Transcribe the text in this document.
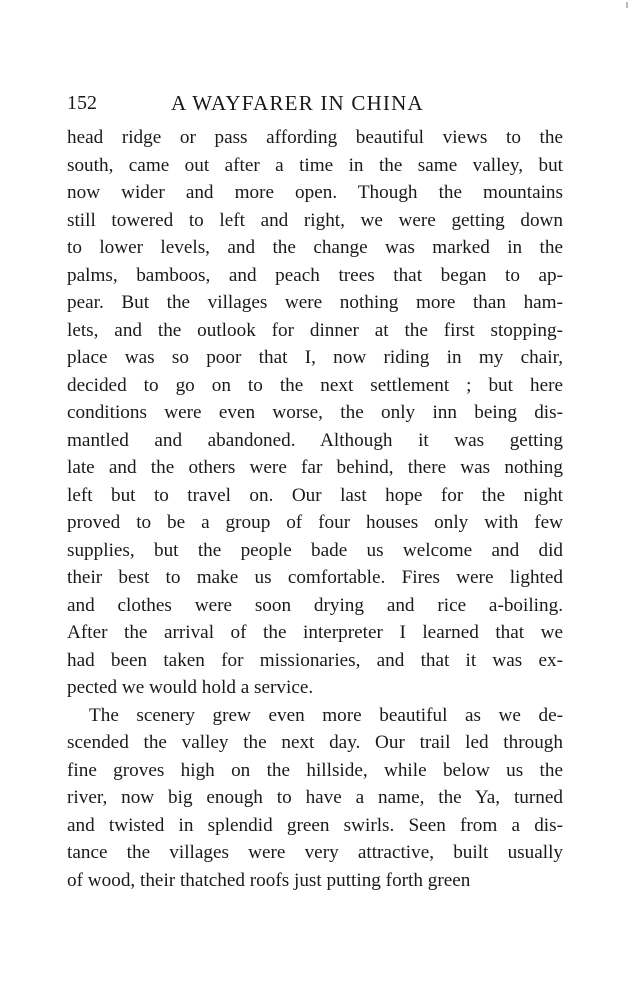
152	A WAYFARER IN CHINA

head ridge or pass affording beautiful views to the
south, came out after a time in the same valley, but
now wider and more open. Though the mountains
still towered to left and right, we were getting down
to lower levels, and the change was marked in the
palms, bamboos, and peach trees that began to ap-
pear. But the villages were nothing more than ham-
lets, and the outlook for dinner at the first stopping-
place was so poor that I, now riding in my chair,
decided to go on to the next settlement ; but here
conditions were even worse, the only inn being dis-
mantled and abandoned. Although it was getting
late and the others were far behind, there was nothing
left but to travel on. Our last hope for the night
proved to be a group of four houses only with few
supplies, but the people bade us welcome and did
their best to make us comfortable. Fires were lighted
and clothes were soon drying and rice a-boiling.
After the arrival of the interpreter I learned that we
had been taken for missionaries, and that it was ex-
pected we would hold a service.

The scenery grew even more beautiful as we de-
scended the valley the next day. Our trail led through
fine groves high on the hillside, while below us the
river, now big enough to have a name, the Ya, turned
and twisted in splendid green swirls. Seen from a dis-
tance the villages were very attractive, built usually
of wood, their thatched roofs just putting forth green
